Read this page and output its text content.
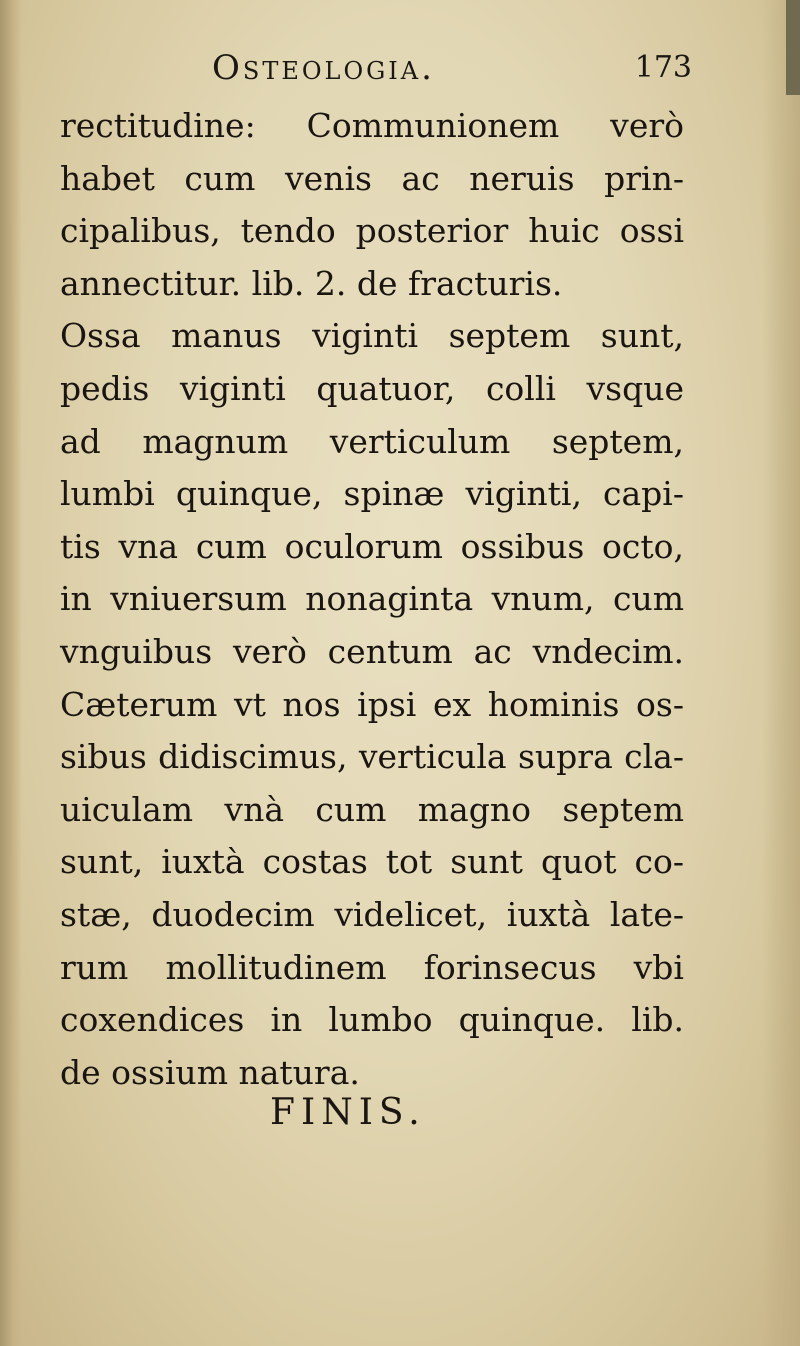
Osteologia.	173
rectitudine: Communionem verò
habet cum venis ac neruis prin-
cipalibus, tendo posterior huic ossi
annectitur. lib. 2. de fracturis.
Ossa manus viginti septem sunt,
pedis viginti quatuor, colli vsque
ad magnum verticulum septem,
lumbi quinque, spinæ viginti, capi-
tis vna cum oculorum ossibus octo,
in vniuersum nonaginta vnum, cum
vnguibus verò centum ac vndecim.
Cæterum vt nos ipsi ex hominis os-
sibus didiscimus, verticula supra cla-
uiculam vnà cum magno septem
sunt, iuxtà costas tot sunt quot co-
stæ, duodecim videlicet, iuxtà late-
rum mollitudinem forinsecus vbi
coxendices in lumbo quinque. lib.
de ossium natura.
FINIS.
